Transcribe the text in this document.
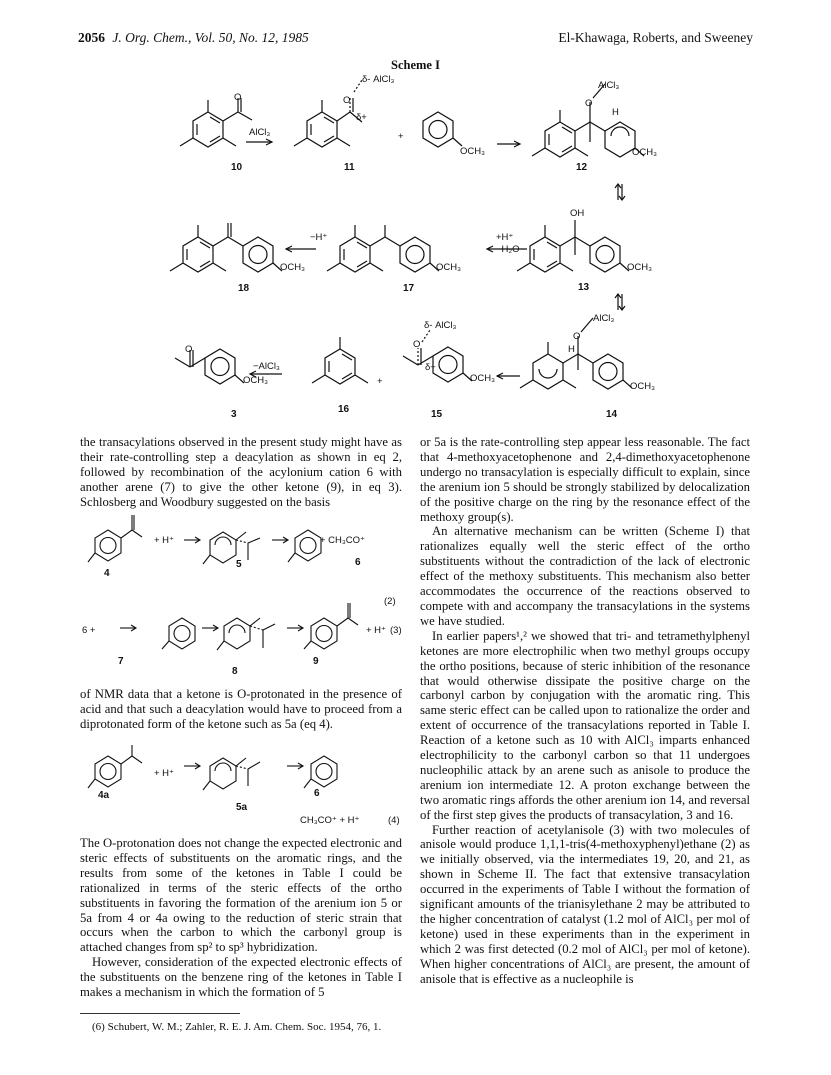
2056 J. Org. Chem., Vol. 50, No. 12, 1985	El-Khawaga, Roberts, and Sweeney
Scheme I
δ- AlCl₃
O
δ+
AlCl₃
O
+
OCH₃
AlCl₃
O
H
OCH₃
−H⁺	+H⁺
−H₂O
OH
OCH₃	OCH₃	OCH₃
O
−AlCl₃
OCH₃	+
δ- AlCl₃
O
δ+
OCH₃
AlCl₃
O
H
OCH₃
10	11	12
18	17	13
3	16	15	14

the transacylations observed in the present study might have as their rate-controlling step a deacylation as shown in eq 2, followed by recombination of the acylonium cation 6 with another arene (7) to give the other ketone (9), in eq 3). Schlosberg and Woodbury suggested on the basis

+ H⁺	+ CH₃CO⁺
4
5	6
(2)
6 +	+ H⁺ (3)
7	9
8

of NMR data that a ketone is O-protonated in the presence of acid and that such a deacylation would have to proceed from a diprotonated form of the ketone such as 5a (eq 4).

+ H⁺
4a
5a
6
CH₃CO⁺ + H⁺	(4)

The O-protonation does not change the expected electronic and steric effects of substituents on the aromatic rings, and the results from some of the ketones in Table I could be rationalized in terms of the steric effects of the ortho substituents in favoring the formation of the arenium ion 5 or 5a from 4 or 4a owing to the reduction of steric strain that occurs when the carbon to which the carbonyl group is attached changes from sp² to sp³ hybridization.

However, consideration of the expected electronic effects of the substituents on the benzene ring of the ketones in Table I makes a mechanism in which the formation of 5

or 5a is the rate-controlling step appear less reasonable. The fact that 4-methoxyacetophenone and 2,4-dimethoxyacetophenone undergo no transacylation is especially difficult to explain, since the arenium ion 5 should be strongly stabilized by delocalization of the positive charge on the ring by the resonance effect of the methoxy group(s).

An alternative mechanism can be written (Scheme I) that rationalizes equally well the steric effect of the ortho substituents without the contradiction of the lack of electronic effect of the methoxy substituents. This mechanism also better accommodates the occurrence of the reactions observed to compete with and accompany the transacylations in the systems we have studied.

In earlier papers¹,² we showed that tri- and tetramethylphenyl ketones are more electrophilic when two methyl groups occupy the ortho positions, because of steric inhibition of the resonance that would otherwise dissipate the positive charge on the carbonyl carbon by conjugation with the aromatic ring. This same steric effect can be called upon to rationalize the order and extent of occurrence of the transacylations reported in Table I. Reaction of a ketone such as 10 with AlCl₃ imparts enhanced electrophilicity to the carbonyl carbon so that 11 undergoes nucleophilic attack by an arene such as anisole to produce the arenium ion intermediate 12. A proton exchange between the two aromatic rings affords the other arenium ion 14, and reversal of the first step gives the products of transacylation, 3 and 16.

Further reaction of acetylanisole (3) with two molecules of anisole would produce 1,1,1-tris(4-methoxyphenyl)ethane (2) as we initially observed, via the intermediates 19, 20, and 21, as shown in Scheme II. The fact that extensive transacylation occurred in the experiments of Table I without the formation of significant amounts of the trianisylethane 2 may be attributed to the higher concentration of catalyst (1.2 mol of AlCl₃ per mol of ketone) used in these experiments than in the experiment in which 2 was first detected (0.2 mol of AlCl₃ per mol of ketone). When higher concentrations of AlCl₃ are present, the amount of anisole that is effective as a nucleophile is

(6) Schubert, W. M.; Zahler, R. E. J. Am. Chem. Soc. 1954, 76, 1.
